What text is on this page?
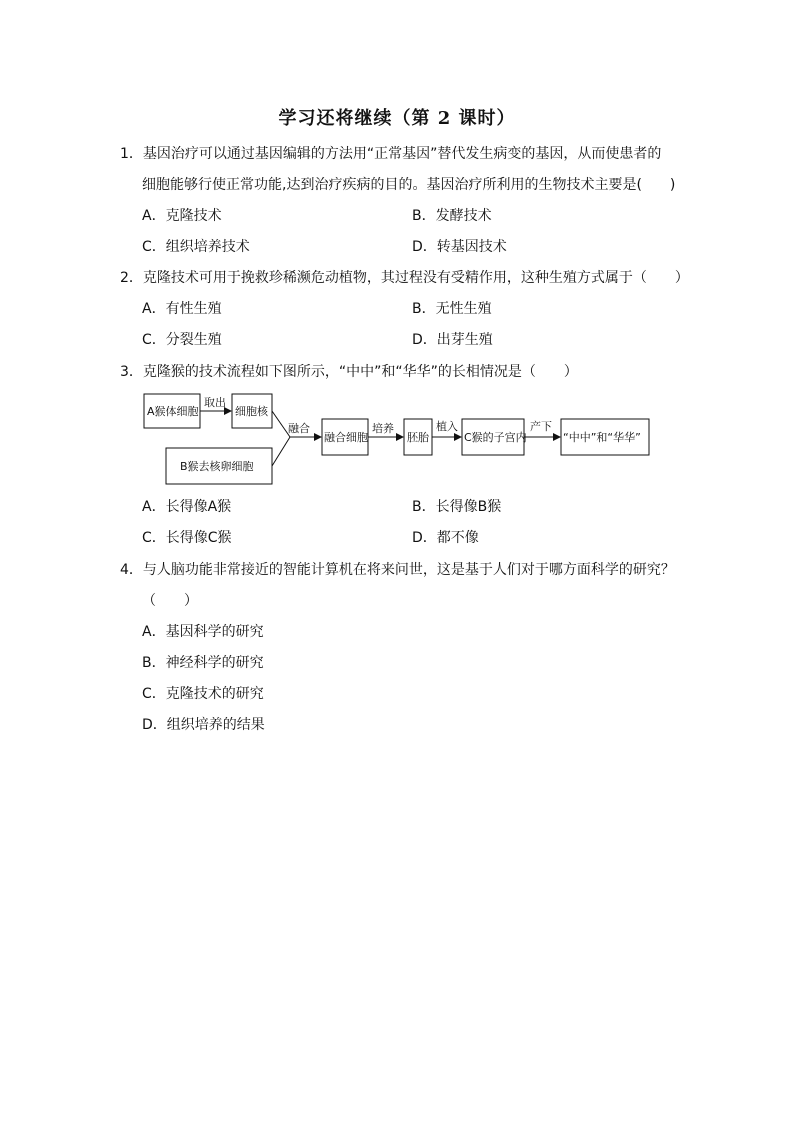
学习还将继续（第 2 课时）
1．基因治疗可以通过基因编辑的方法用“正常基因”替代发生病变的基因，从而使患者的
细胞能够行使正常功能,达到治疗疾病的目的。基因治疗所利用的生物技术主要是(　　)
A．克隆技术	B．发酵技术
C．组织培养技术	D．转基因技术
2．克隆技术可用于挽救珍稀濒危动植物，其过程没有受精作用，这种生殖方式属于（　　）
A．有性生殖	B．无性生殖
C．分裂生殖	D．出芽生殖
3．克隆猴的技术流程如下图所示，“中中”和“华华”的长相情况是（　　）
A猴体细胞	细胞核
B猴去核卵细胞
融合细胞	胚胎	C猴的子宫内	“中中”和“华华”
取出
融合	培养	植入	产下
A．长得像A猴	B．长得像B猴
C．长得像C猴	D．都不像
4．与人脑功能非常接近的智能计算机在将来问世，这是基于人们对于哪方面科学的研究？
（　　）
A．基因科学的研究
B．神经科学的研究
C．克隆技术的研究
D．组织培养的结果
